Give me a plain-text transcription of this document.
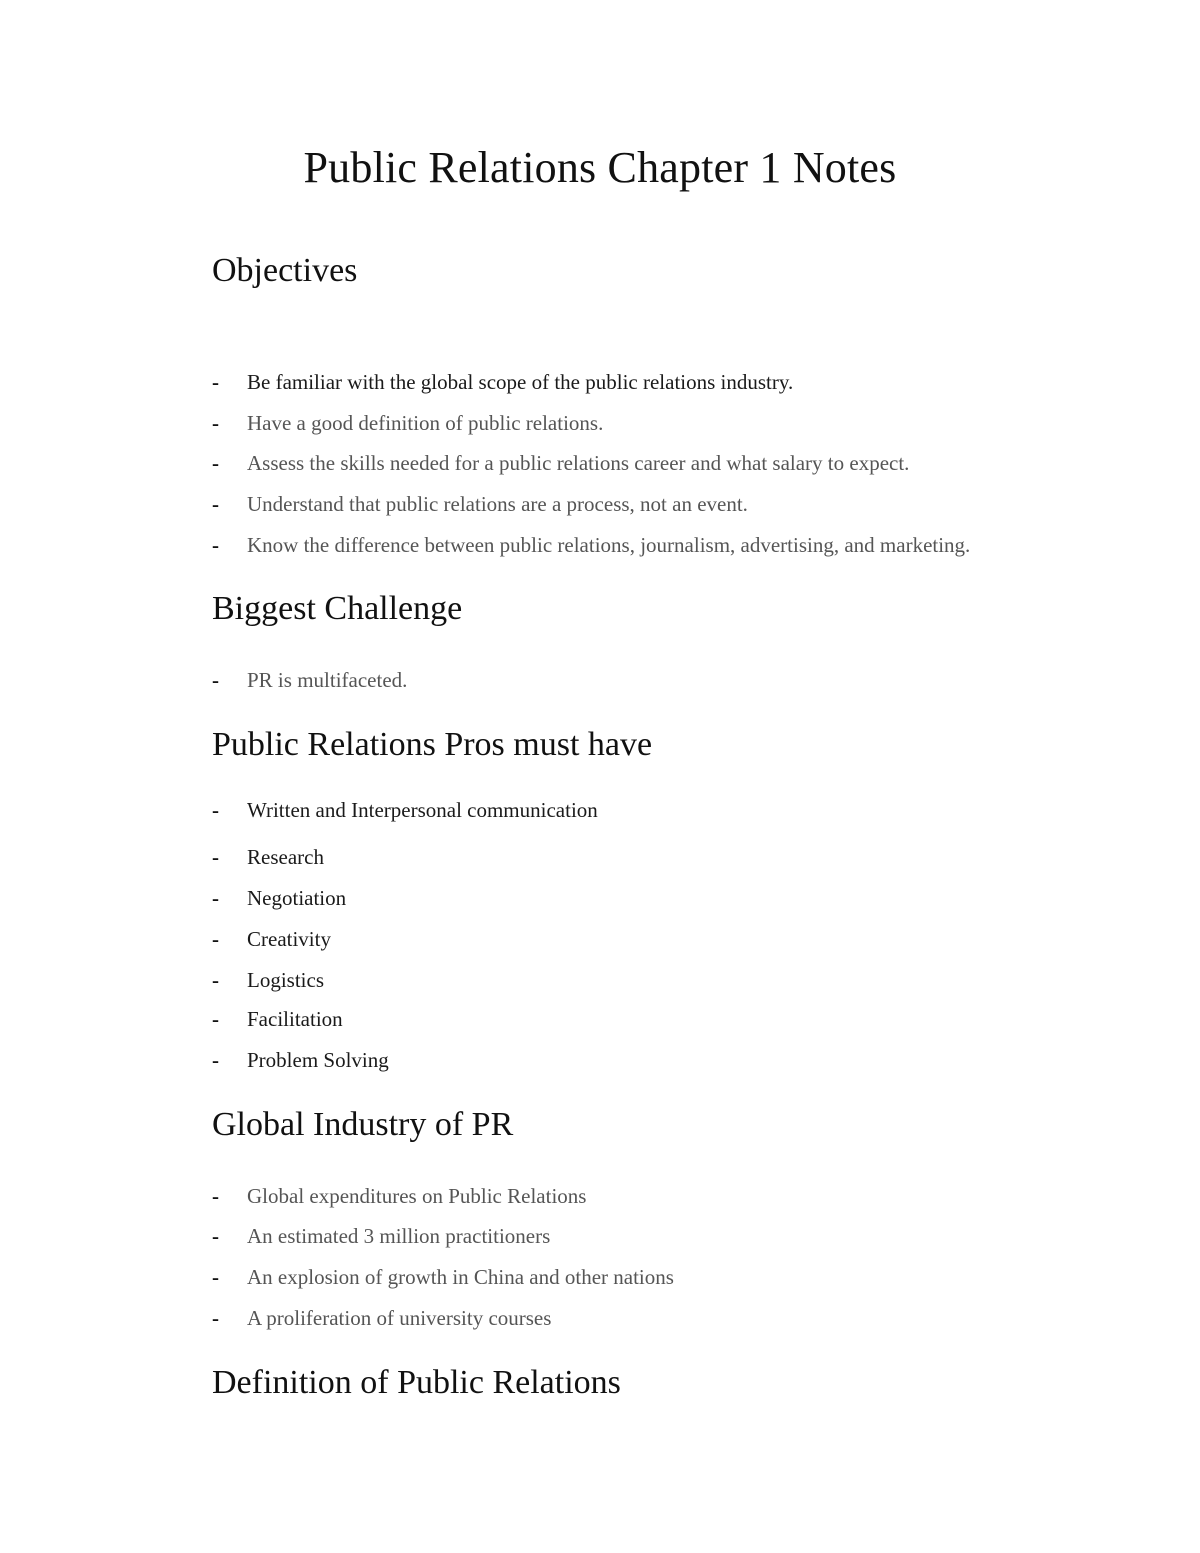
Public Relations Chapter 1 Notes
Objectives
- Be familiar with the global scope of the public relations industry.
- Have a good definition of public relations.
- Assess the skills needed for a public relations career and what salary to expect.
- Understand that public relations are a process, not an event.
- Know the difference between public relations, journalism, advertising, and marketing.
Biggest Challenge
- PR is multifaceted.
Public Relations Pros must have
- Written and Interpersonal communication
- Research
- Negotiation
- Creativity
- Logistics
- Facilitation
- Problem Solving
Global Industry of PR
- Global expenditures on Public Relations
- An estimated 3 million practitioners
- An explosion of growth in China and other nations
- A proliferation of university courses
Definition of Public Relations
